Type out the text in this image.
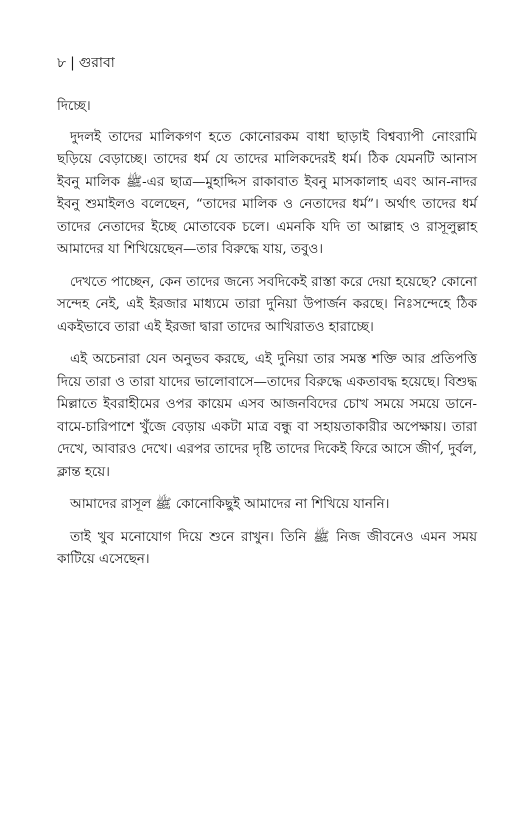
৮ | গুরাবা

দিচ্ছে।

দুদলই তাদের মালিকগণ হতে কোনোরকম বাধা ছাড়াই বিশ্বব্যাপী নোংরামি ছড়িয়ে বেড়াচ্ছে। তাদের ধর্ম যে তাদের মালিকদেরই ধর্ম। ঠিক যেমনটি আনাস ইবনু মালিক ﷺ-এর ছাত্র—মুহাদ্দিস রাকাবাত ইবনু মাসকালাহ এবং আন-নাদর ইবনু শুমাইলও বলেছেন, “তাদের মালিক ও নেতাদের ধর্ম”। অর্থাৎ তাদের ধর্ম তাদের নেতাদের ইচ্ছে মোতাবেক চলে। এমনকি যদি তা আল্লাহ ও রাসূলুল্লাহ আমাদের যা শিখিয়েছেন—তার বিরুদ্ধে যায়, তবুও।

দেখতে পাচ্ছেন, কেন তাদের জন্যে সবদিকেই রাস্তা করে দেয়া হয়েছে? কোনো সন্দেহ নেই, এই ইরজার মাধ্যমে তারা দুনিয়া উপার্জন করছে। নিঃসন্দেহে ঠিক একইভাবে তারা এই ইরজা দ্বারা তাদের আখিরাতও হারাচ্ছে।

এই অচেনারা যেন অনুভব করছে, এই দুনিয়া তার সমস্ত শক্তি আর প্রতিপত্তি দিয়ে তারা ও তারা যাদের ভালোবাসে—তাদের বিরুদ্ধে একতাবদ্ধ হয়েছে। বিশুদ্ধ মিল্লাতে ইবরাহীমের ওপর কায়েম এসব আজনবিদের চোখ সময়ে সময়ে ডানে-বামে-চারিপাশে খুঁজে বেড়ায় একটা মাত্র বন্ধু বা সহায়তাকারীর অপেক্ষায়। তারা দেখে, আবারও দেখে। এরপর তাদের দৃষ্টি তাদের দিকেই ফিরে আসে জীর্ণ, দুর্বল, ক্লান্ত হয়ে।

আমাদের রাসূল ﷺ কোনোকিছুই আমাদের না শিখিয়ে যাননি।

তাই খুব মনোযোগ দিয়ে শুনে রাখুন। তিনি ﷺ নিজ জীবনেও এমন সময় কাটিয়ে এসেছেন।
